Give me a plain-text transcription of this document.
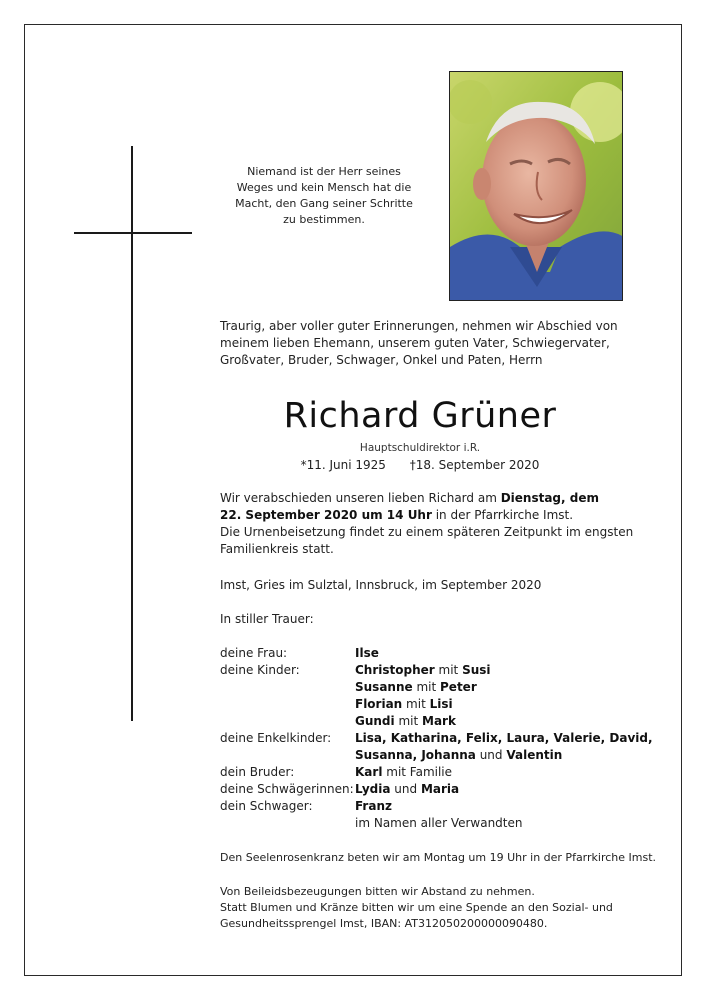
Niemand ist der Herr seines
Weges und kein Mensch hat die
Macht, den Gang seiner Schritte
zu bestimmen.
Traurig, aber voller guter Erinnerungen, nehmen wir Abschied von
meinem lieben Ehemann, unserem guten Vater, Schwiegervater,
Großvater, Bruder, Schwager, Onkel und Paten, Herrn
Richard Grüner
Hauptschuldirektor i.R.
*11. Juni 1925 †18. September 2020
Wir verabschieden unseren lieben Richard am Dienstag, dem
22. September 2020 um 14 Uhr in der Pfarrkirche Imst.
Die Urnenbeisetzung findet zu einem späteren Zeitpunkt im engsten
Familienkreis statt.
Imst, Gries im Sulztal, Innsbruck, im September 2020
In stiller Trauer:
deine Frau:	Ilse
deine Kinder:	Christopher mit Susi
Susanne mit Peter
Florian mit Lisi
Gundi mit Mark
deine Enkelkinder:	Lisa, Katharina, Felix, Laura, Valerie, David,
Susanna, Johanna und Valentin
dein Bruder:	Karl mit Familie
deine Schwägerinnen: Lydia und Maria
dein Schwager:	Franz
im Namen aller Verwandten
Den Seelenrosenkranz beten wir am Montag um 19 Uhr in der Pfarrkirche Imst.
Von Beileidsbezeugungen bitten wir Abstand zu nehmen.
Statt Blumen und Kränze bitten wir um eine Spende an den Sozial- und
Gesundheitssprengel Imst, IBAN: AT312050200000090480.
